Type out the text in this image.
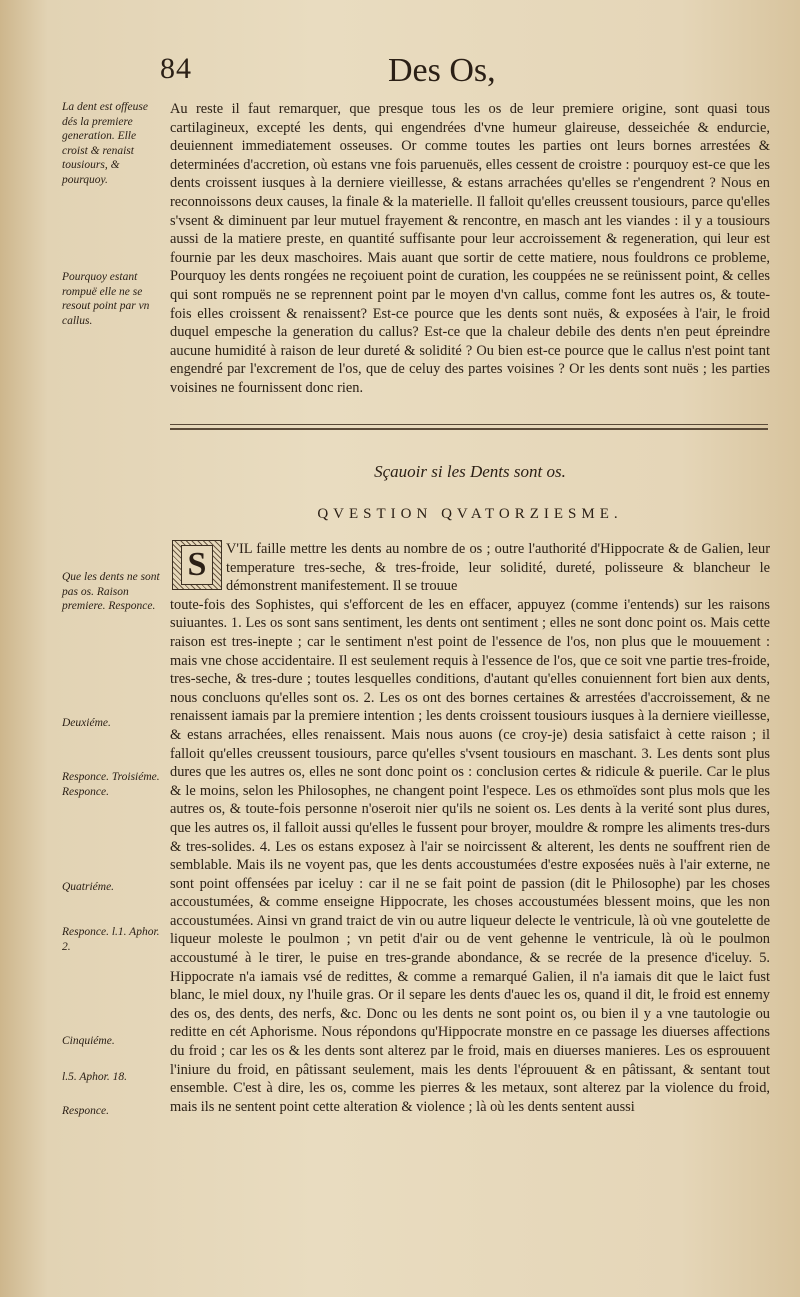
84	Des Os,
La dent est offeuse dés la premiere generation. Elle croist & renaist tousiours, & pourquoy.
Pourquoy estant rompuë elle ne se resout point par vn callus.
Que les dents ne sont pas os. Raison premiere. Responce.
Deuxiéme.
Responce. Troisiéme. Responce.
Quatriéme.
Responce. l.1. Aphor. 2.
Cinquiéme.
l.5. Aphor. 18.
Responce.

Au reste il faut remarquer, que presque tous les os de leur premiere origine, sont quasi tous cartilagineux, excepté les dents, qui engendrées d'vne humeur glaireuse, desseichée & endurcie, deuiennent immediatement osseuses. Or comme toutes les parties ont leurs bornes arrestées & determinées d'accretion, où estans vne fois paruenuës, elles cessent de croistre : pourquoy est-ce que les dents croissent iusques à la derniere vieillesse, & estans arrachées qu'elles se r'engendrent ? Nous en reconnoissons deux causes, la finale & la materielle. Il falloit qu'elles creussent tousiours, parce qu'elles s'vsent & diminuent par leur mutuel frayement & rencontre, en masch ant les viandes : il y a tousiours aussi de la matiere preste, en quantité suffisante pour leur accroissement & regeneration, qui leur est fournie par les deux maschoires. Mais auant que sortir de cette matiere, nous fouldrons ce probleme, Pourquoy les dents rongées ne reçoiuent point de curation, les couppées ne se reünissent point, & celles qui sont rompuës ne se reprennent point par le moyen d'vn callus, comme font les autres os, & toute-fois elles croissent & renaissent? Est-ce pource que les dents sont nuës, & exposées à l'air, le froid duquel empesche la generation du callus? Est-ce que la chaleur debile des dents n'en peut épreindre aucune humidité à raison de leur dureté & solidité ? Ou bien est-ce pource que le callus n'est point tant engendré par l'excrement de l'os, que de celuy des partes voisines ? Or les dents sont nuës ; les parties voisines ne fournissent donc rien.

Sçauoir si les Dents sont os.
QVESTION QVATORZIESME.
S	V'IL faille mettre les dents au nombre de os ; outre l'authorité d'Hippocrate & de Galien, leur temperature tres-seche, & tres-froide, leur solidité, dureté, polisseure & blancheur le démonstrent manifestement. Il se trouue
toute-fois des Sophistes, qui s'efforcent de les en effacer, appuyez (comme i'entends) sur les raisons suiuantes. 1. Les os sont sans sentiment, les dents ont sentiment ; elles ne sont donc point os. Mais cette raison est tres-inepte ; car le sentiment n'est point de l'essence de l'os, non plus que le mouuement : mais vne chose accidentaire. Il est seulement requis à l'essence de l'os, que ce soit vne partie tres-froide, tres-seche, & tres-dure ; toutes lesquelles conditions, d'autant qu'elles conuiennent fort bien aux dents, nous concluons qu'elles sont os. 2. Les os ont des bornes certaines & arrestées d'accroissement, & ne renaissent iamais par la premiere intention ; les dents croissent tousiours iusques à la derniere vieillesse, & estans arrachées, elles renaissent. Mais nous auons (ce croy-je) desia satisfaict à cette raison ; il falloit qu'elles creussent tousiours, parce qu'elles s'vsent tousiours en maschant. 3. Les dents sont plus dures que les autres os, elles ne sont donc point os : conclusion certes & ridicule & puerile. Car le plus & le moins, selon les Philosophes, ne changent point l'espece. Les os ethmoïdes sont plus mols que les autres os, & toute-fois personne n'oseroit nier qu'ils ne soient os. Les dents à la verité sont plus dures, que les autres os, il falloit aussi qu'elles le fussent pour broyer, mouldre & rompre les aliments tres-durs & tres-solides. 4. Les os estans exposez à l'air se noircissent & alterent, les dents ne souffrent rien de semblable. Mais ils ne voyent pas, que les dents accoustumées d'estre exposées nuës à l'air externe, ne sont point offensées par iceluy : car il ne se fait point de passion (dit le Philosophe) par les choses accoustumées, & comme enseigne Hippocrate, les choses accoustumées blessent moins, que les non accoustumées. Ainsi vn grand traict de vin ou autre liqueur delecte le ventricule, là où vne goutelette de liqueur moleste le poulmon ; vn petit d'air ou de vent gehenne le ventricule, là où le poulmon accoustumé à le tirer, le puise en tres-grande abondance, & se recrée de la presence d'iceluy. 5. Hippocrate n'a iamais vsé de redittes, & comme a remarqué Galien, il n'a iamais dit que le laict fust blanc, le miel doux, ny l'huile gras. Or il separe les dents d'auec les os, quand il dit, le froid est ennemy des os, des dents, des nerfs, &c. Donc ou les dents ne sont point os, ou bien il y a vne tautologie ou reditte en cét Aphorisme. Nous répondons qu'Hippocrate monstre en ce passage les diuerses affections du froid ; car les os & les dents sont alterez par le froid, mais en diuerses manieres. Les os esprouuent l'iniure du froid, en pâtissant seulement, mais les dents l'éprouuent & en pâtissant, & sentant tout ensemble. C'est à dire, les os, comme les pierres & les metaux, sont alterez par la violence du froid, mais ils ne sentent point cette alteration & violence ; là où les dents sentent aussi
